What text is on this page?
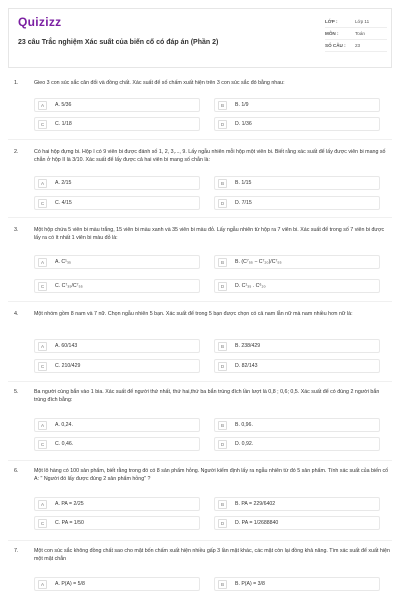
Quizizz
23 câu Trắc nghiệm Xác suất của biến cố có đáp án (Phần 2)
LỚP :	Lớp 11
MÔN :	Toán
SỐ CÂU :	23
1.	Gieo 3 con súc sắc cân đối và đồng chất. Xác suất để số chấm xuất hiện trên 3 con súc sắc đó bằng nhau:
A	A. 5/36	B	B. 1/9
C	C. 1/18	D	D. 1/36
2.	Có hai hộp đựng bi. Hộp I có 9 viên bi được đánh số 1, 2, 3,..., 9. Lấy ngẫu nhiên mỗi hộp một viên bi. Biết rằng xác suất để lấy được viên bi mang số chẵn ở hộp II là 3/10. Xác suất để lấy được cả hai viên bi mang số chẵn là:
A	A. 2/15	B	B. 1/15
C	C. 4/15	D	D. 7/15
3.	Một hộp chứa 5 viên bi màu trắng, 15 viên bi màu xanh và 35 viên bi màu đỏ. Lấy ngẫu nhiên từ hộp ra 7 viên bi. Xác suất để trong số 7 viên bi được lấy ra có ít nhất 1 viên bi màu đỏ là:
A	A. C¹₃₅	B	B. (C⁷₅₅ − C⁷₂₀)/C⁷₅₅
C	C. C⁷₃₅/C⁷₅₅	D	D. C¹₃₅ . C⁶₂₀
4.	Một nhóm gồm 8 nam và 7 nữ. Chọn ngẫu nhiên 5 bạn. Xác suất để trong 5 bạn được chọn có cả nam lẫn nữ mà nam nhiều hơn nữ là:
A	A. 60/143	B	B. 238/429
C	C. 210/429	D	D. 82/143
5.	Ba người cùng bắn vào 1 bia. Xác suất để người thứ nhất, thứ hai,thứ ba bắn trúng đích lần lượt là 0,8 ; 0,6; 0,5. Xác suất để có đúng 2 người bắn trúng đích bằng:
A	A. 0,24.	B	B. 0,96.
C	C. 0,46.	D	D. 0,92.
6.	Một lô hàng có 100 sản phẩm, biết rằng trong đó có 8 sản phẩm hỏng. Người kiểm định lấy ra ngẫu nhiên từ đó 5 sản phẩm. Tính xác suất của biến cố A: " Người đó lấy được đúng 2 sản phẩm hỏng" ?
A	A. PA = 2/25	B	B. PA = 229/6402
C	C. PA = 1/50	D	D. PA = 1/2688840
7.	Một con súc sắc không đồng chất sao cho mặt bốn chấm xuất hiện nhiều gấp 3 lần mặt khác, các mặt còn lại đồng khả năng. Tìm xác suất để xuất hiện một mặt chẵn
A	A. P(A) = 5/8	B	B. P(A) = 3/8
